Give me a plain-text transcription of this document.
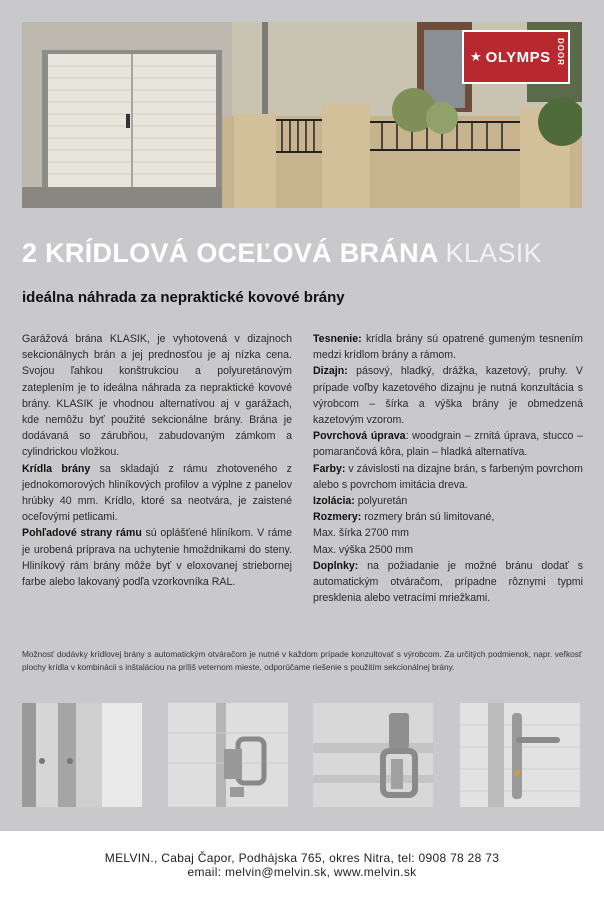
★ OLYMPS DOOR
2 KRÍDLOVÁ OCEĽOVÁ BRÁNA KLASIK
ideálna náhrada za nepraktické kovové brány

Garážová brána KLASIK, je vyhotovená v dizajnoch sekcionálnych brán a jej prednosťou je aj nízka cena. Svojou ľahkou konštrukciou a polyuretánovým zateplením je to ideálna náhrada za nepraktické kovové brány. KLASIK je vhodnou alternatívou aj v garážach, kde nemôžu byť použité sekcionálne brány. Brána je dodávaná so zárubňou, zabudovaným zámkom a cylindrickou vložkou.

Krídla brány sa skladajú z rámu zhotoveného z jednokomorových hliníkových profilov a výplne z panelov hrúbky 40 mm. Krídlo, ktoré sa neotvára, je zaistené oceľovými petlicami.

Pohľadové strany rámu sú oplášťené hliníkom. V ráme je urobená príprava na uchytenie hmoždnikami do steny. Hliníkový rám brány môže byť v eloxovanej striebornej farbe alebo lakovaný podľa vzorkovníka RAL.

Tesnenie: krídla brány sú opatrené gumeným tesnením medzi krídlom brány a rámom.

Dizajn: pásový, hladký, drážka, kazetový, pruhy. V prípade voľby kazetového dizajnu je nutná konzultácia s výrobcom – šírka a výška brány je obmedzená kazetovým vzorom.

Povrchová úprava: woodgrain – zrnitá úprava, stucco – pomarančová kôra, plain – hladká alternatíva.

Farby: v závislosti na dizajne brán, s farbeným povrchom alebo s povrchom imitácia dreva.

Izolácia: polyuretán

Rozmery: rozmery brán sú limitované,

Max. šírka 2700 mm

Max. výška 2500 mm

Doplnky: na požiadanie je možné bránu dodať s automatickým otváračom, prípadne rôznymi typmi presklenia alebo vetracími mriežkami.

Možnosť dodávky krídlovej brány s automatickým otváračom je nutné v každom prípade konzultovať s výrobcom. Za určitých podmienok, napr. veľkosť plochy krídla v kombinácii s inštaláciou na príliš veternom mieste, odporúčame riešenie s použitím sekcionálnej brány.
MELVIN., Cabaj Čapor, Podhájska 765, okres Nitra, tel: 0908 78 28 73
email: melvin@melvin.sk, www.melvin.sk
